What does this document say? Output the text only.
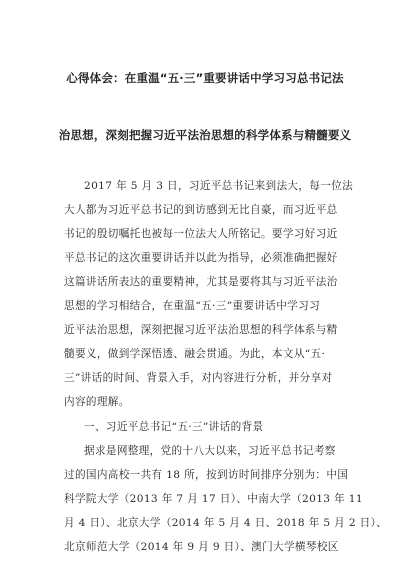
心得体会：在重温“五·三”重要讲话中学习习总书记法
治思想，深刻把握习近平法治思想的科学体系与精髓要义
2017 年 5 月 3 日，习近平总书记来到法大，每一位法
大人都为习近平总书记的到访感到无比自豪，而习近平总
书记的殷切嘱托也被每一位法大人所铭记。要学习好习近
平总书记的这次重要讲话并以此为指导，必须准确把握好
这篇讲话所表达的重要精神，尤其是要将其与习近平法治
思想的学习相结合，在重温“五·三”重要讲话中学习习
近平法治思想，深刻把握习近平法治思想的科学体系与精
髓要义，做到学深悟透、融会贯通。为此，本文从“五·
三”讲话的时间、背景入手，对内容进行分析，并分享对
内容的理解。
一、习近平总书记“五·三”讲话的背景
据求是网整理，党的十八大以来，习近平总书记考察
过的国内高校一共有 18 所，按到访时间排序分别为：中国
科学院大学（2013 年 7 月 17 日）、中南大学（2013 年 11
月 4 日）、北京大学（2014 年 5 月 4 日、2018 年 5 月 2 日）、
北京师范大学（2014 年 9 月 9 日）、澳门大学横琴校区
